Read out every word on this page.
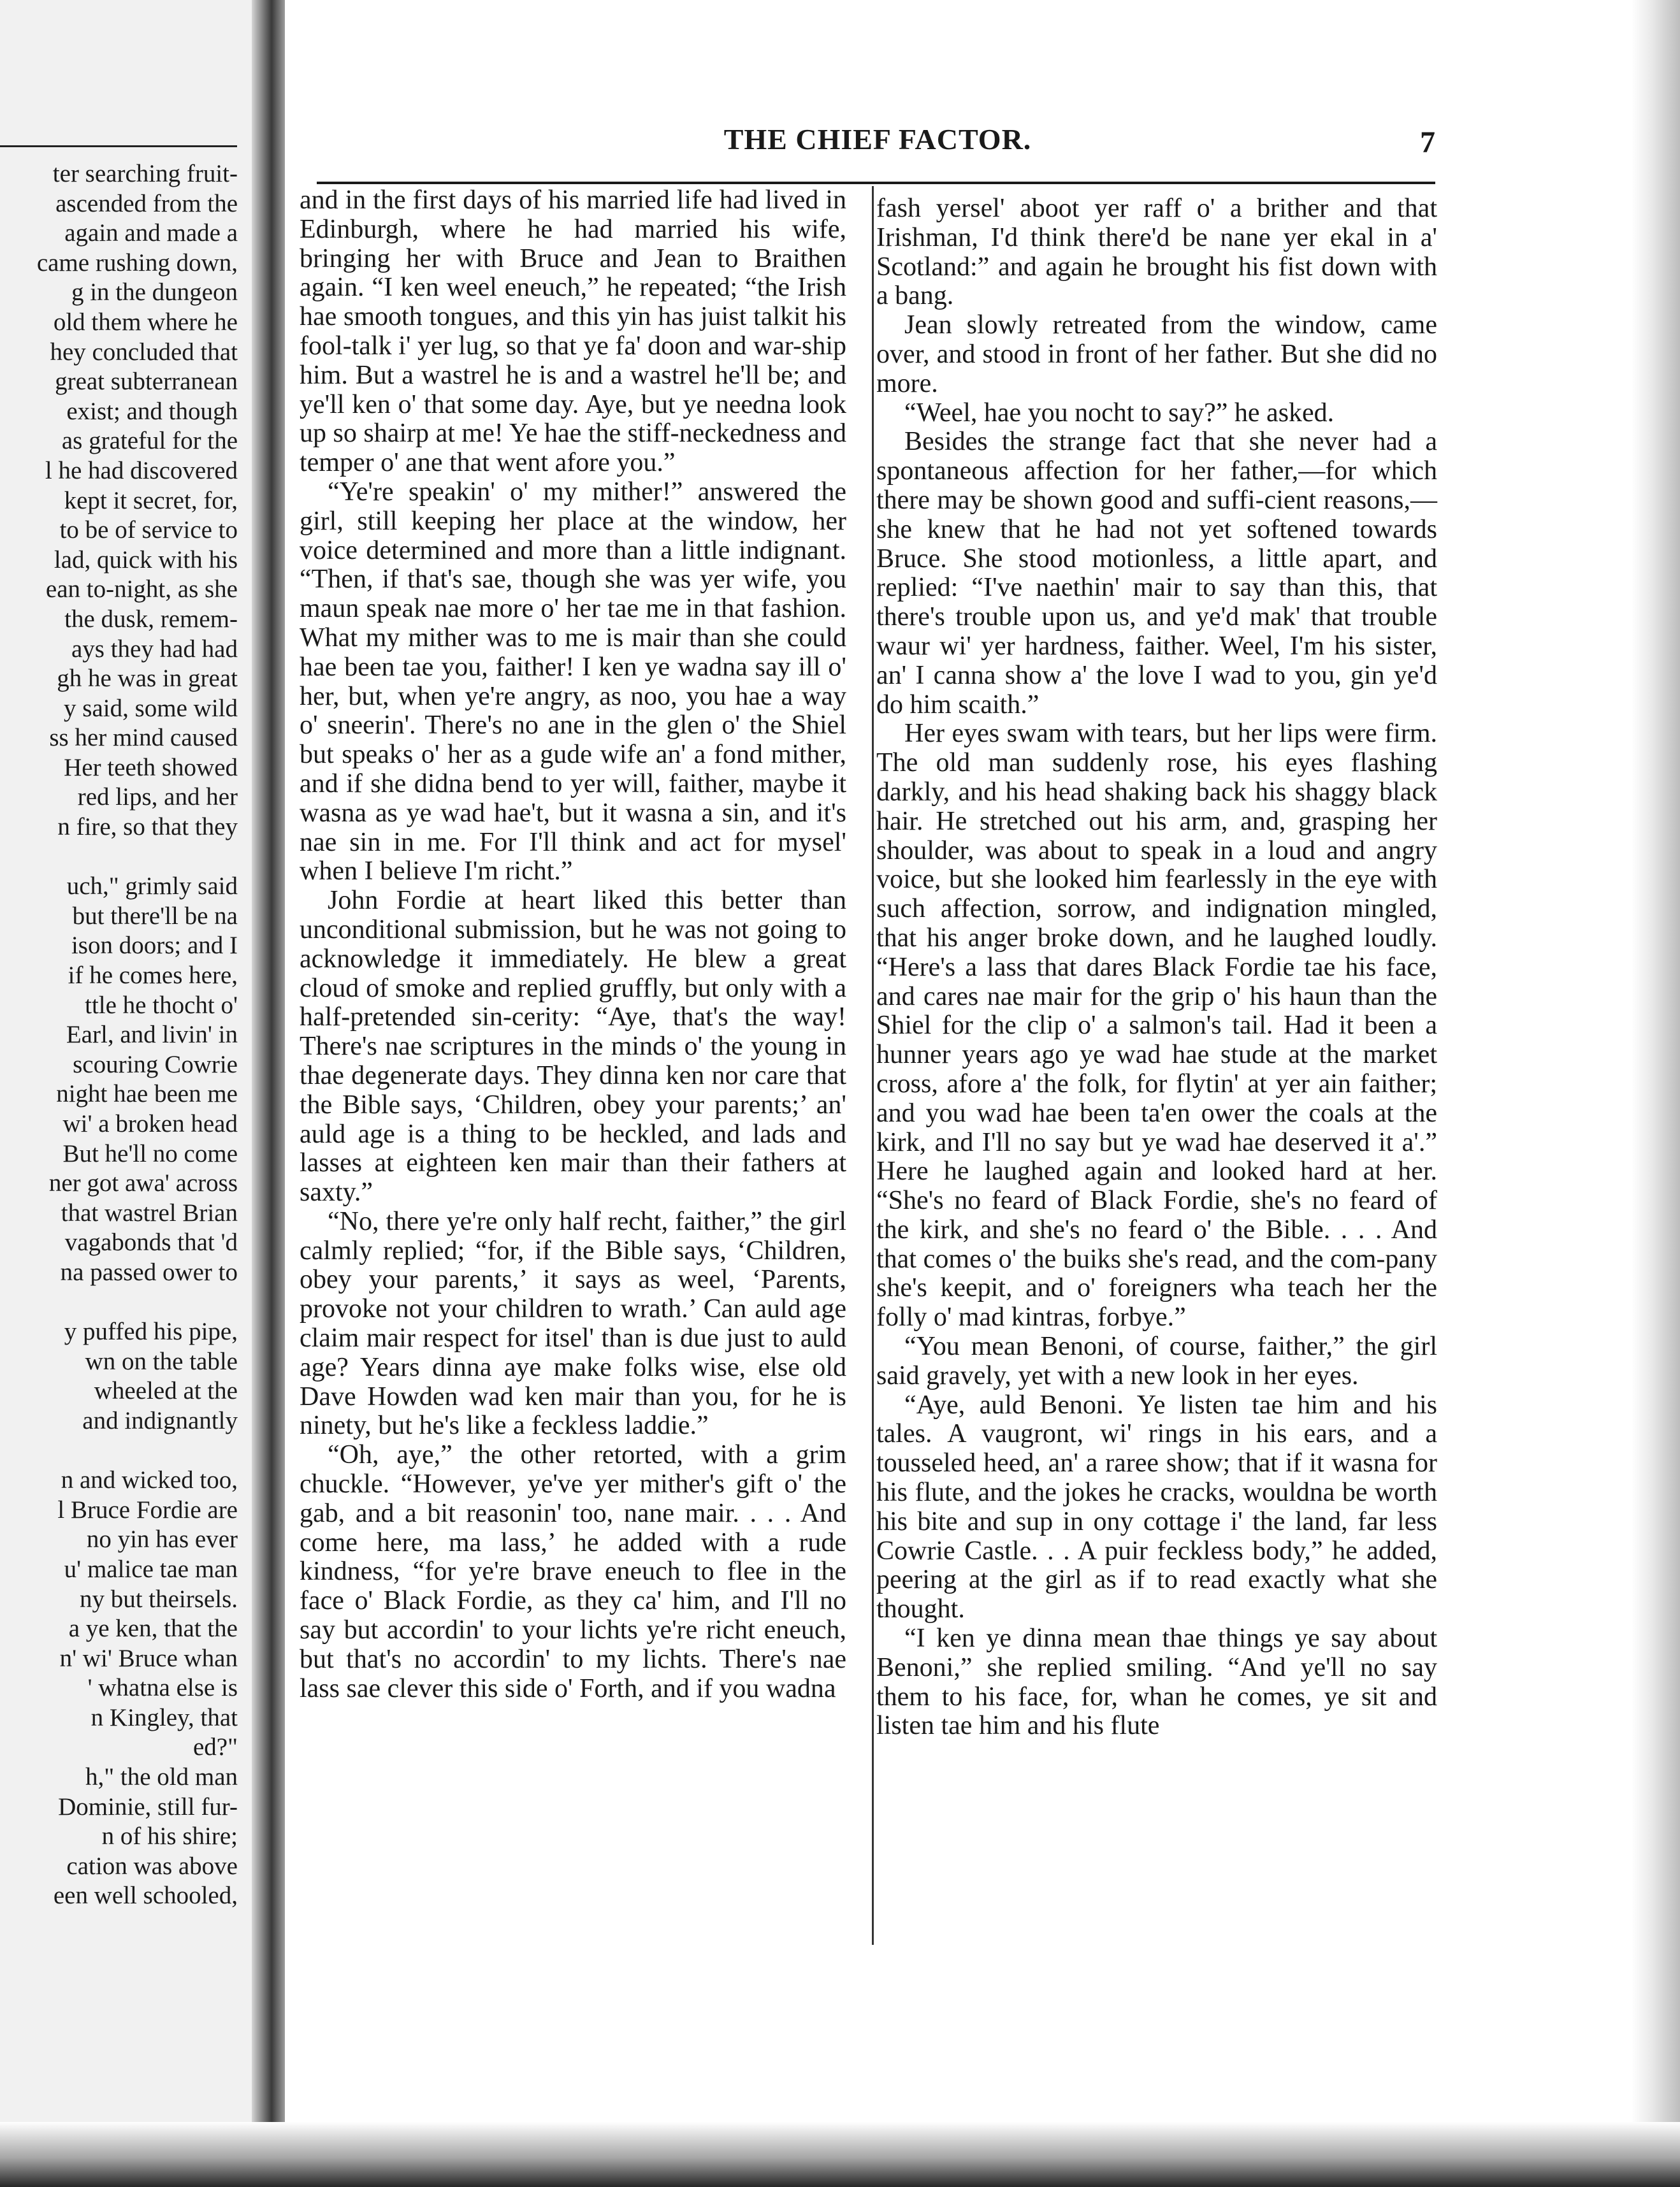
ter searching fruit-
ascended from the
again and made a
came rushing down,
g in the dungeon
old them where he
hey concluded that
great subterranean
exist; and though
as grateful for the
l he had discovered
kept it secret, for,
to be of service to
lad, quick with his
ean to-night, as she
the dusk, remem-
ays they had had
gh he was in great
y said, some wild
ss her mind caused
Her teeth showed
red lips, and her
n fire, so that they
uch," grimly said
but there'll be na
ison doors; and I
if he comes here,
ttle he thocht o'
Earl, and livin' in
scouring Cowrie
night hae been me
wi' a broken head
But he'll no come
ner got awa' across
that wastrel Brian
vagabonds that 'd
na passed ower to
y puffed his pipe,
wn on the table
wheeled at the
and indignantly
n and wicked too,
l Bruce Fordie are
no yin has ever
u' malice tae man
ny but theirsels.
a ye ken, that the
n' wi' Bruce whan
' whatna else is
n Kingley, that
ed?"
h," the old man
Dominie, still fur-
n of his shire;
cation was above
een well schooled,
THE CHIEF FACTOR.	7

and in the first days of his married life had lived in Edinburgh, where he had married his wife, bringing her with Bruce and Jean to Braithen again. “I ken weel eneuch,” he repeated; “the Irish hae smooth tongues, and this yin has juist talkit his fool-talk i' yer lug, so that ye fa' doon and war-ship him. But a wastrel he is and a wastrel he'll be; and ye'll ken o' that some day. Aye, but ye needna look up so shairp at me! Ye hae the stiff-neckedness and temper o' ane that went afore you.”

“Ye're speakin' o' my mither!” answered the girl, still keeping her place at the window, her voice determined and more than a little indignant. “Then, if that's sae, though she was yer wife, you maun speak nae more o' her tae me in that fashion. What my mither was to me is mair than she could hae been tae you, faither! I ken ye wadna say ill o' her, but, when ye're angry, as noo, you hae a way o' sneerin'. There's no ane in the glen o' the Shiel but speaks o' her as a gude wife an' a fond mither, and if she didna bend to yer will, faither, maybe it wasna as ye wad hae't, but it wasna a sin, and it's nae sin in me. For I'll think and act for mysel' when I believe I'm richt.”

John Fordie at heart liked this better than unconditional submission, but he was not going to acknowledge it immediately. He blew a great cloud of smoke and replied gruffly, but only with a half-pretended sin-cerity: “Aye, that's the way! There's nae scriptures in the minds o' the young in thae degenerate days. They dinna ken nor care that the Bible says, ‘Children, obey your parents;’ an' auld age is a thing to be heckled, and lads and lasses at eighteen ken mair than their fathers at saxty.”

“No, there ye're only half recht, faither,” the girl calmly replied; “for, if the Bible says, ‘Children, obey your parents,’ it says as weel, ‘Parents, provoke not your children to wrath.’ Can auld age claim mair respect for itsel' than is due just to auld age? Years dinna aye make folks wise, else old Dave Howden wad ken mair than you, for he is ninety, but he's like a feckless laddie.”

“Oh, aye,” the other retorted, with a grim chuckle. “However, ye've yer mither's gift o' the gab, and a bit reasonin' too, nane mair. . . . And come here, ma lass,’ he added with a rude kindness, “for ye're brave eneuch to flee in the face o' Black Fordie, as they ca' him, and I'll no say but accordin' to your lichts ye're richt eneuch, but that's no accordin' to my lichts. There's nae lass sae clever this side o' Forth, and if you wadna

fash yersel' aboot yer raff o' a brither and that Irishman, I'd think there'd be nane yer ekal in a' Scotland:” and again he brought his fist down with a bang.

Jean slowly retreated from the window, came over, and stood in front of her father. But she did no more.

“Weel, hae you nocht to say?” he asked.

Besides the strange fact that she never had a spontaneous affection for her father,—for which there may be shown good and suffi-cient reasons,—she knew that he had not yet softened towards Bruce. She stood motionless, a little apart, and replied: “I've naethin' mair to say than this, that there's trouble upon us, and ye'd mak' that trouble waur wi' yer hardness, faither. Weel, I'm his sister, an' I canna show a' the love I wad to you, gin ye'd do him scaith.”

Her eyes swam with tears, but her lips were firm. The old man suddenly rose, his eyes flashing darkly, and his head shaking back his shaggy black hair. He stretched out his arm, and, grasping her shoulder, was about to speak in a loud and angry voice, but she looked him fearlessly in the eye with such affection, sorrow, and indignation mingled, that his anger broke down, and he laughed loudly. “Here's a lass that dares Black Fordie tae his face, and cares nae mair for the grip o' his haun than the Shiel for the clip o' a salmon's tail. Had it been a hunner years ago ye wad hae stude at the market cross, afore a' the folk, for flytin' at yer ain faither; and you wad hae been ta'en ower the coals at the kirk, and I'll no say but ye wad hae deserved it a'.” Here he laughed again and looked hard at her. “She's no feard of Black Fordie, she's no feard of the kirk, and she's no feard o' the Bible. . . . And that comes o' the buiks she's read, and the com-pany she's keepit, and o' foreigners wha teach her the folly o' mad kintras, forbye.”

“You mean Benoni, of course, faither,” the girl said gravely, yet with a new look in her eyes.

“Aye, auld Benoni. Ye listen tae him and his tales. A vaugront, wi' rings in his ears, and a tousseled heed, an' a raree show; that if it wasna for his flute, and the jokes he cracks, wouldna be worth his bite and sup in ony cottage i' the land, far less Cowrie Castle. . . A puir feckless body,” he added, peering at the girl as if to read exactly what she thought.

“I ken ye dinna mean thae things ye say about Benoni,” she replied smiling. “And ye'll no say them to his face, for, whan he comes, ye sit and listen tae him and his flute
